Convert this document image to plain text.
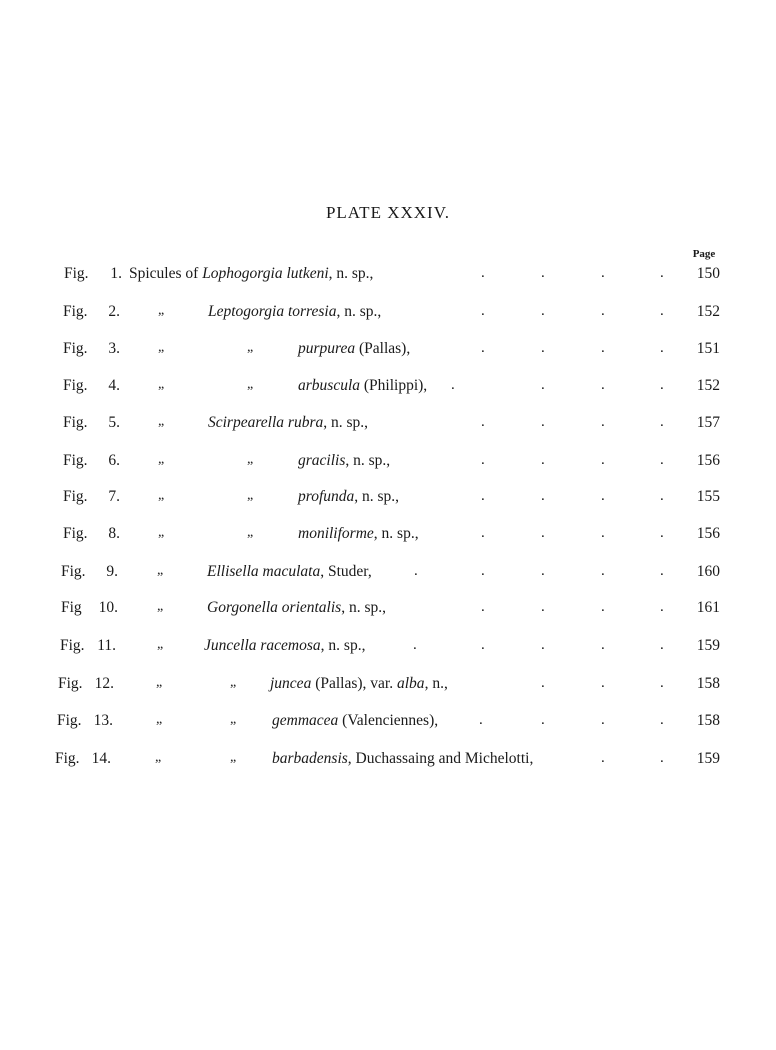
PLATE XXXIV.
Page
Fig.	1. Spicules of Lophogorgia lutkeni, n. sp.,	.	.	.	.	150
Fig.	2.	„	Leptogorgia torresia, n. sp.,	.	.	.	.	152
Fig.	3.	„	„	purpurea (Pallas),	.	.	.	.	151
Fig.	4.	„	„	arbuscula (Philippi), .	.	.	.	152
Fig.	5.	„	Scirpearella rubra, n. sp.,	.	.	.	.	157
Fig.	6.	„	„	gracilis, n. sp.,	.	.	.	.	156
Fig.	7.	„	„	profunda, n. sp.,	.	.	.	.	155
Fig.	8.	„	„	moniliforme, n. sp.,	.	.	.	.	156
Fig.	9.	„	Ellisella maculata, Studer,	.	.	.	.	.	160
Fig	10.	„	Gorgonella orientalis, n. sp.,	.	.	.	.	161
Fig. 11.	„	Juncella racemosa, n. sp.,	.	.	.	.	.	159
Fig. 12.	„	„ juncea (Pallas), var. alba, n.,	.	.	.	158
Fig. 13.	„	„ gemmacea (Valenciennes),	.	.	.	.	158
Fig. 14.	„	„ barbadensis, Duchassaing and Michelotti,	.	.	159
